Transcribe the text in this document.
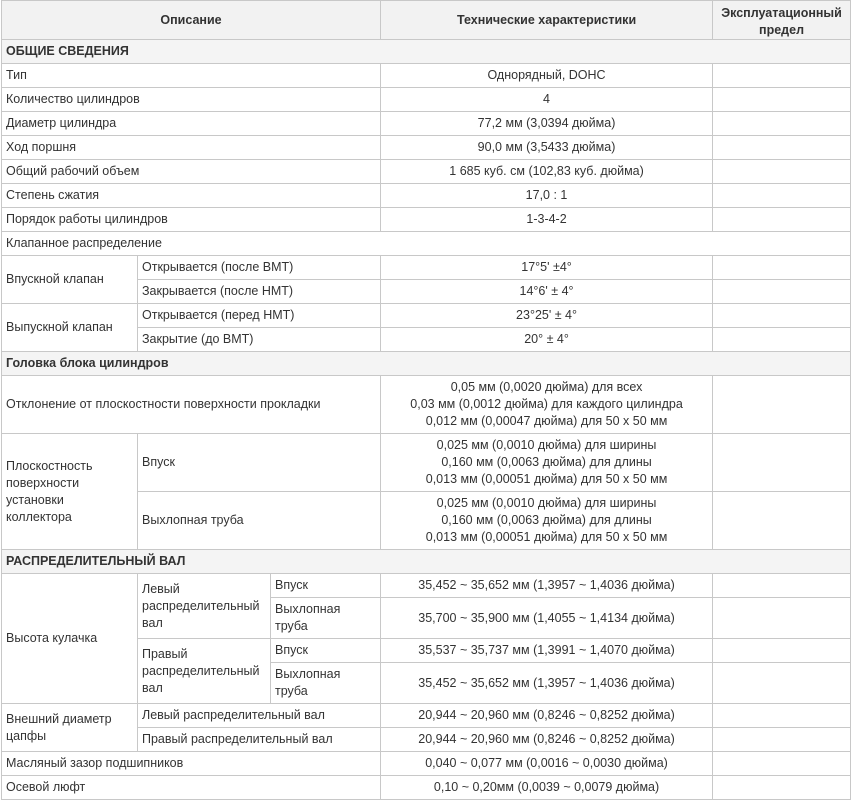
Описание			Технические характеристики	Эксплуатационный
предел
ОБЩИЕ СВЕДЕНИЯ				
Тип			Однорядный, DOHC	
Количество цилиндров			4	
Диаметр цилиндра			77,2 мм (3,0394 дюйма)	
Ход поршня			90,0 мм (3,5433 дюйма)	
Общий рабочий объем			1 685 куб. см (102,83 куб. дюйма)	
Степень сжатия			17,0 : 1	
Порядок работы цилиндров			1-3-4-2	
Клапанное распределение				
Впускной клапан	Открывается (после ВМТ)		17°5' ±4°	
	Закрывается (после НМТ)		14°6' ± 4°	
Выпускной клапан	Открывается (перед НМТ)		23°25' ± 4°	
	Закрытие (до ВМТ)		20° ± 4°	
Головка блока цилиндров				
Отклонение от плоскостности поверхности прокладки			0,05 мм (0,0020 дюйма) для всех
0,03 мм (0,0012 дюйма) для каждого цилиндра
0,012 мм (0,00047 дюйма) для 50 х 50 мм	
Плоскостность
поверхности
установки
коллектора	Впуск		0,025 мм (0,0010 дюйма) для ширины
0,160 мм (0,0063 дюйма) для длины
0,013 мм (0,00051 дюйма) для 50 х 50 мм	
	Выхлопная труба		0,025 мм (0,0010 дюйма) для ширины
0,160 мм (0,0063 дюйма) для длины
0,013 мм (0,00051 дюйма) для 50 х 50 мм	
РАСПРЕДЕЛИТЕЛЬНЫЙ ВАЛ				
Высота кулачка	Левый
распределительный
вал	Впуск	35,452 ~ 35,652 мм (1,3957 ~ 1,4036 дюйма)	
		Выхлопная
труба	35,700 ~ 35,900 мм (1,4055 ~ 1,4134 дюйма)	
	Правый
распределительный
вал	Впуск	35,537 ~ 35,737 мм (1,3991 ~ 1,4070 дюйма)	
		Выхлопная
труба	35,452 ~ 35,652 мм (1,3957 ~ 1,4036 дюйма)	
Внешний диаметр
цапфы	Левый распределительный вал		20,944 ~ 20,960 мм (0,8246 ~ 0,8252 дюйма)	
	Правый распределительный вал		20,944 ~ 20,960 мм (0,8246 ~ 0,8252 дюйма)	
Масляный зазор подшипников			0,040 ~ 0,077 мм (0,0016 ~ 0,0030 дюйма)	
Осевой люфт			0,10 ~ 0,20мм (0,0039 ~ 0,0079 дюйма)	
